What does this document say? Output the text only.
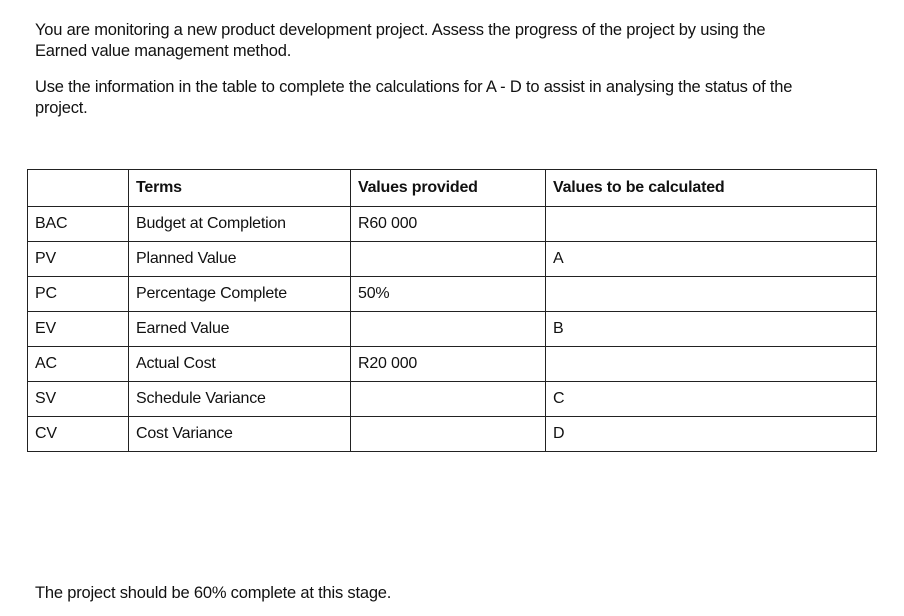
You are monitoring a new product development project. Assess the progress of the project by using the Earned value management method.

Use the information in the table to complete the calculations for A - D to assist in analysing the status of the project.

	Terms	Values provided	Values to be calculated
BAC	Budget at Completion	R60 000	
PV	Planned Value		A
PC	Percentage Complete	50%	
EV	Earned Value		B
AC	Actual Cost	R20 000	
SV	Schedule Variance		C
CV	Cost Variance		D
The project should be 60% complete at this stage.
